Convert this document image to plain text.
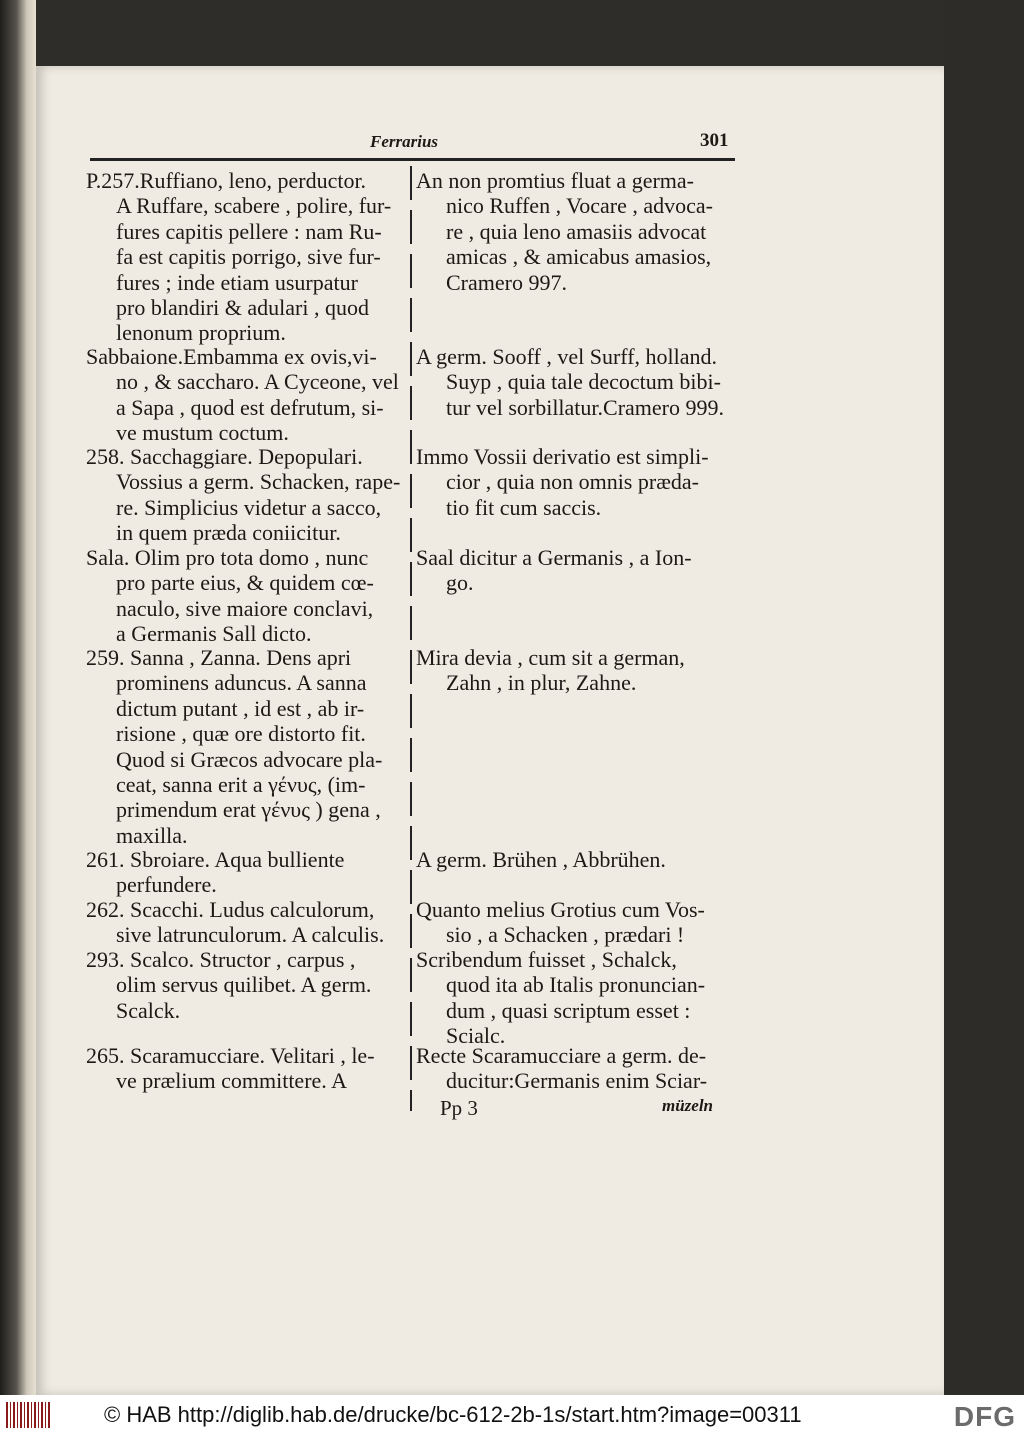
Ferrarius	301

P.257.Ruffiano, leno, perductor.

A Ruffare, scabere , polire, fur-

fures capitis pellere : nam Ru-

fa est capitis porrigo, sive fur-

fures ; inde etiam usurpatur

pro blandiri & adulari , quod

lenonum proprium.

An non promtius fluat a germa-

nico Ruffen , Vocare , advoca-

re , quia leno amasiis advocat

amicas , & amicabus amasios,

Cramero 997.

Sabbaione.Embamma ex ovis,vi-

no , & saccharo. A Cyceone, vel

a Sapa , quod est defrutum, si-

ve mustum coctum.

A germ. Sooff , vel Surff, holland.

Suyp , quia tale decoctum bibi-

tur vel sorbillatur.Cramero 999.

258. Sacchaggiare. Depopulari.

Vossius a germ. Schacken, rape-

re. Simplicius videtur a sacco,

in quem præda coniicitur.

Immo Vossii derivatio est simpli-

cior , quia non omnis præda-

tio fit cum saccis.

Sala. Olim pro tota domo , nunc

pro parte eius, & quidem cœ-

naculo, sive maiore conclavi,

a Germanis Sall dicto.

Saal dicitur a Germanis , a Ion-

go.

259. Sanna , Zanna. Dens apri

prominens aduncus. A sanna

dictum putant , id est , ab ir-

risione , quæ ore distorto fit.

Quod si Græcos advocare pla-

ceat, sanna erit a γένυς, (im-

primendum erat γένυς ) gena ,

maxilla.

Mira devia , cum sit a german,

Zahn , in plur, Zahne.

261. Sbroiare. Aqua bulliente

perfundere.

A germ. Brühen , Abbrühen.

262. Scacchi. Ludus calculorum,

sive latrunculorum. A calculis.

Quanto melius Grotius cum Vos-

sio , a Schacken , prædari !

293. Scalco. Structor , carpus ,

olim servus quilibet. A germ.

Scalck.

Scribendum fuisset , Schalck,

quod ita ab Italis pronuncian-

dum , quasi scriptum esset :

Scialc.

265. Scaramucciare. Velitari , le-

ve prælium committere. A

Recte Scaramucciare a germ. de-

ducitur:Germanis enim Sciar-

Pp 3	müzeln
© HAB http://diglib.hab.de/drucke/bc-612-2b-1s/start.htm?image=00311	DFG
